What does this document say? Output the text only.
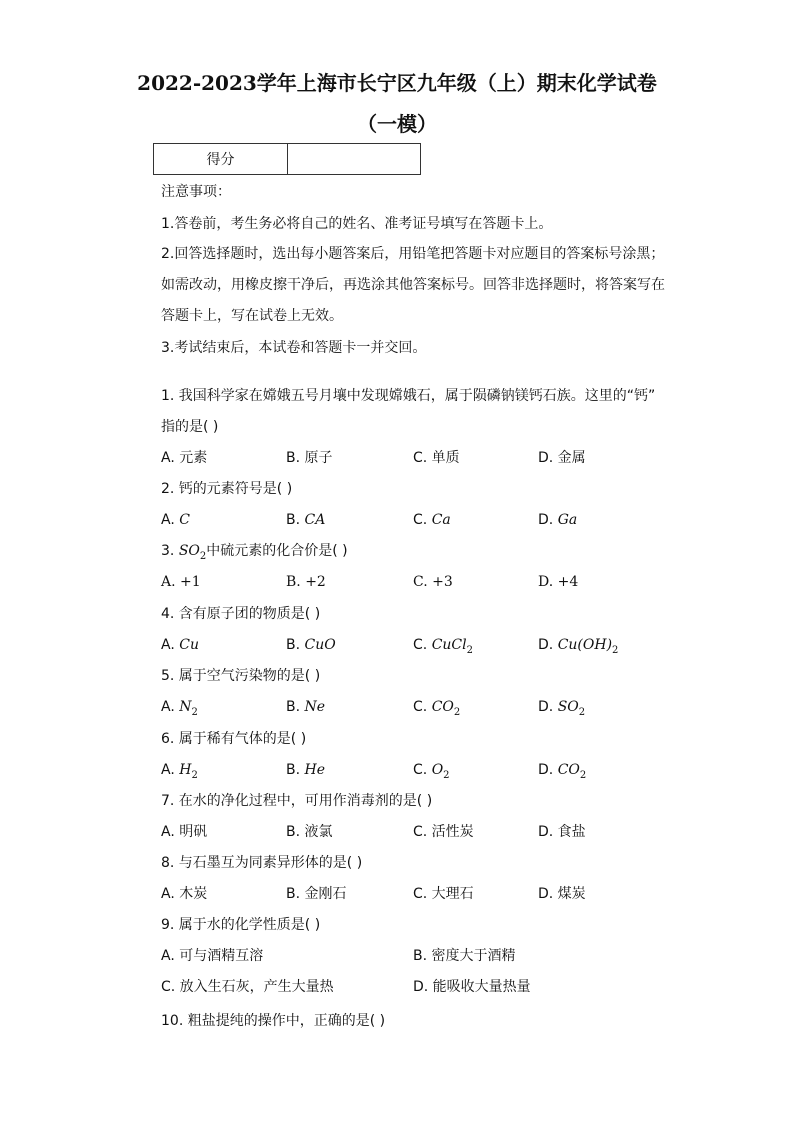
2022-2023学年上海市长宁区九年级（上）期末化学试卷
（一模）
得分	
注意事项：
1.答卷前，考生务必将自己的姓名、准考证号填写在答题卡上。
2.回答选择题时，选出每小题答案后，用铅笔把答题卡对应题目的答案标号涂黑；
如需改动，用橡皮擦干净后，再选涂其他答案标号。回答非选择题时，将答案写在
答题卡上，写在试卷上无效。
3.考试结束后，本试卷和答题卡一并交回。
1. 我国科学家在嫦娥五号月壤中发现嫦娥石，属于陨磷钠镁钙石族。这里的“钙”
指的是( )
A. 元素	B. 原子	C. 单质	D. 金属
2. 钙的元素符号是( )
A. C	B. CA	C. Ca	D. Ga
3. $SO_2$中硫元素的化合价是( )
A. +1	B. +2	C. +3	D. +4
4. 含有原子团的物质是( )
A. Cu	B. CuO	C. CuCl$_2$	D. $Cu(OH)_2$
5. 属于空气污染物的是( )
A. $N_2$	B. Ne	C. $CO_2$	D. $SO_2$
6. 属于稀有气体的是( )
A. $H_2$	B. He	C. $O_2$	D. $CO_2$
7. 在水的净化过程中，可用作消毒剂的是( )
A. 明矾	B. 液氯	C. 活性炭	D. 食盐
8. 与石墨互为同素异形体的是( )
A. 木炭	B. 金刚石	C. 大理石	D. 煤炭
9. 属于水的化学性质是( )
A. 可与酒精互溶	B. 密度大于酒精
C. 放入生石灰，产生大量热	D. 能吸收大量热量
10. 粗盐提纯的操作中，正确的是( )
